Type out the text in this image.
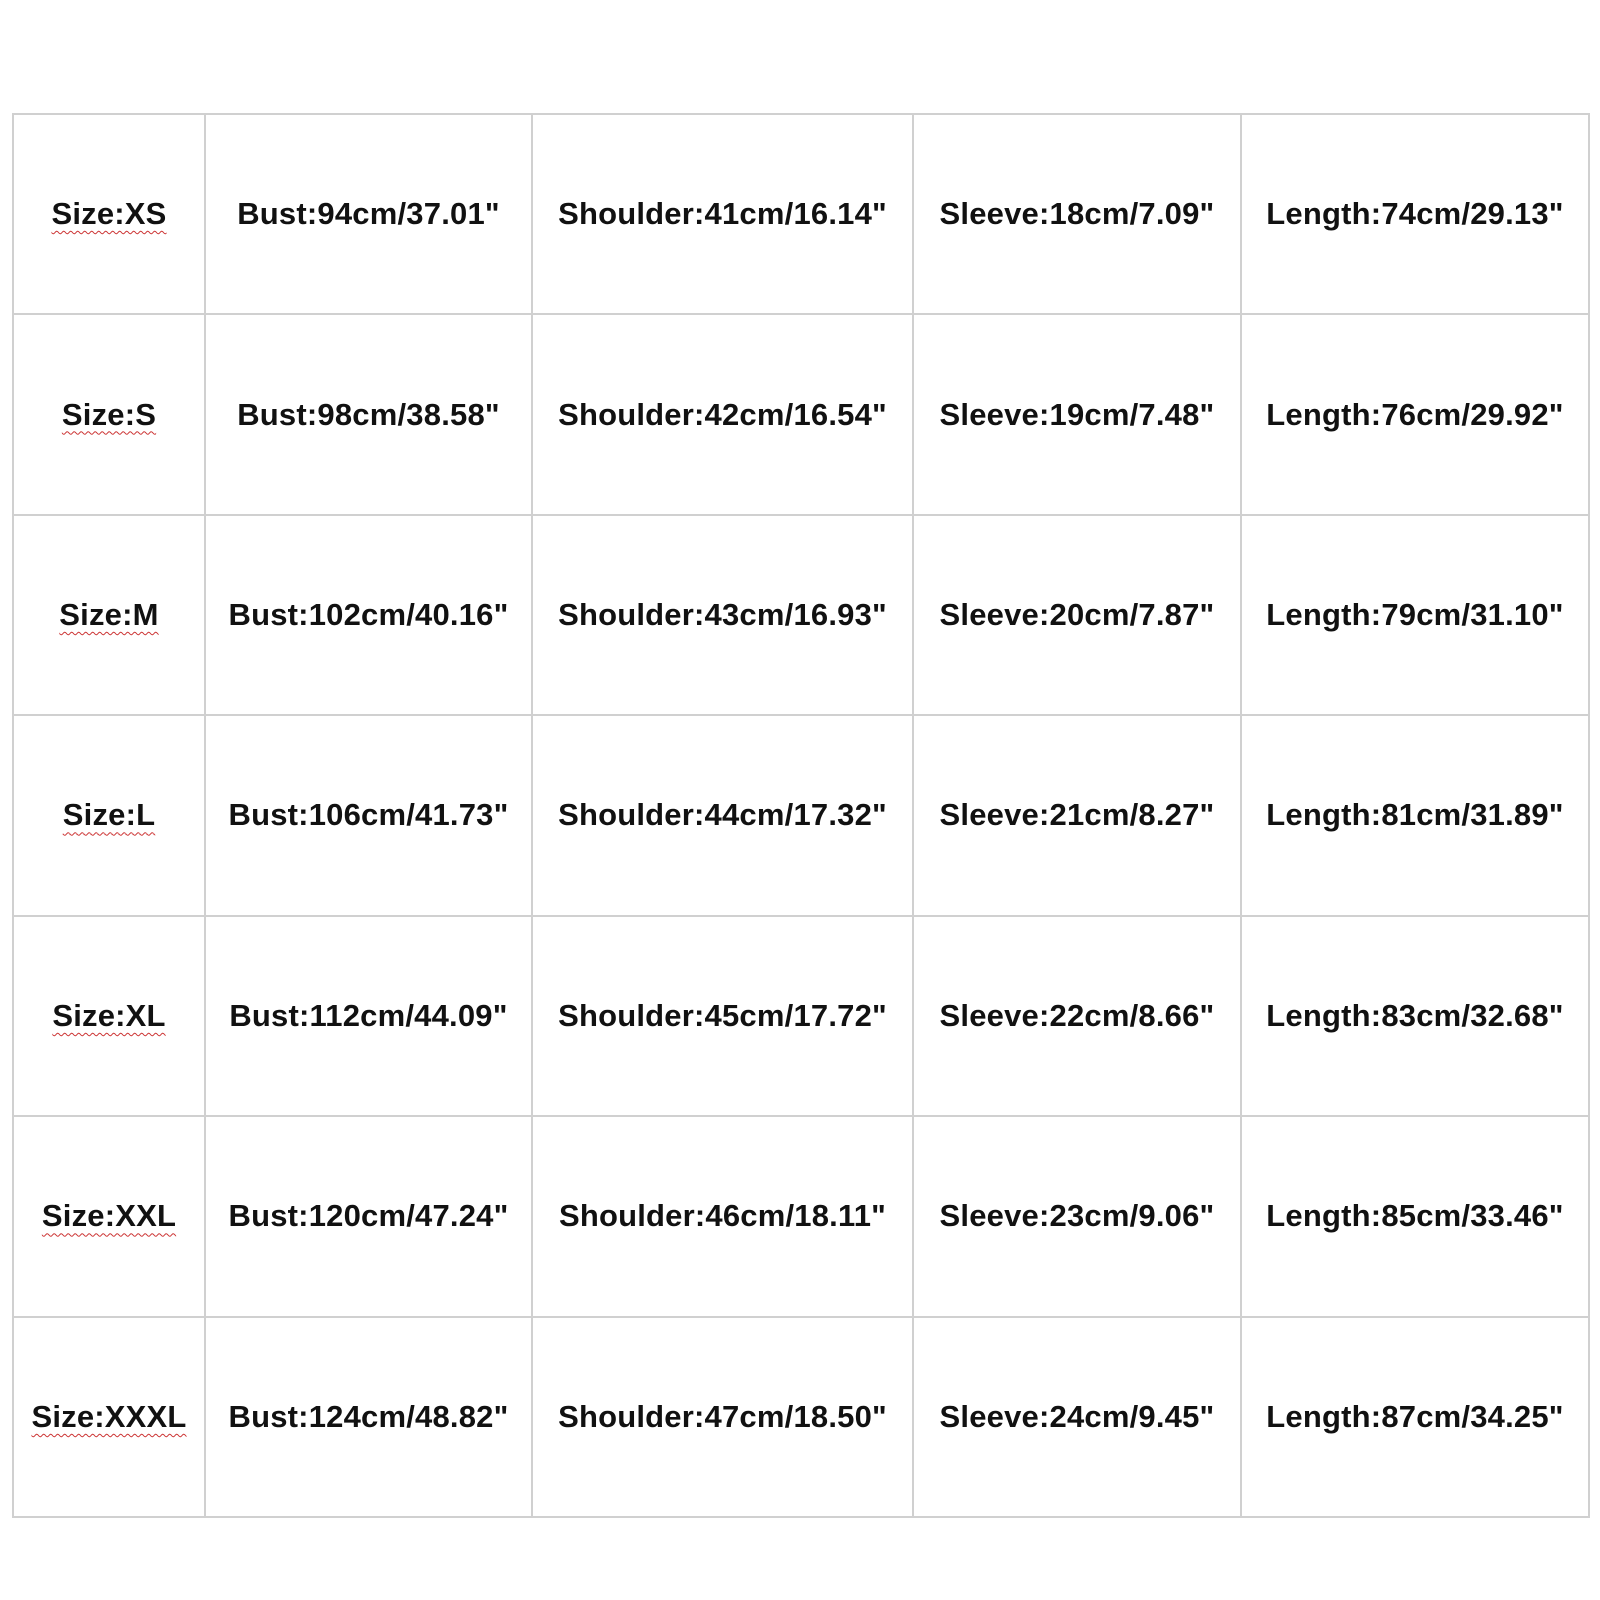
Size:XS	Bust:94cm/37.01"	Shoulder:41cm/16.14"	Sleeve:18cm/7.09"	Length:74cm/29.13"
Size:S	Bust:98cm/38.58"	Shoulder:42cm/16.54"	Sleeve:19cm/7.48"	Length:76cm/29.92"
Size:M	Bust:102cm/40.16"	Shoulder:43cm/16.93"	Sleeve:20cm/7.87"	Length:79cm/31.10"
Size:L	Bust:106cm/41.73"	Shoulder:44cm/17.32"	Sleeve:21cm/8.27"	Length:81cm/31.89"
Size:XL	Bust:112cm/44.09"	Shoulder:45cm/17.72"	Sleeve:22cm/8.66"	Length:83cm/32.68"
Size:XXL	Bust:120cm/47.24"	Shoulder:46cm/18.11"	Sleeve:23cm/9.06"	Length:85cm/33.46"
Size:XXXL	Bust:124cm/48.82"	Shoulder:47cm/18.50"	Sleeve:24cm/9.45"	Length:87cm/34.25"
